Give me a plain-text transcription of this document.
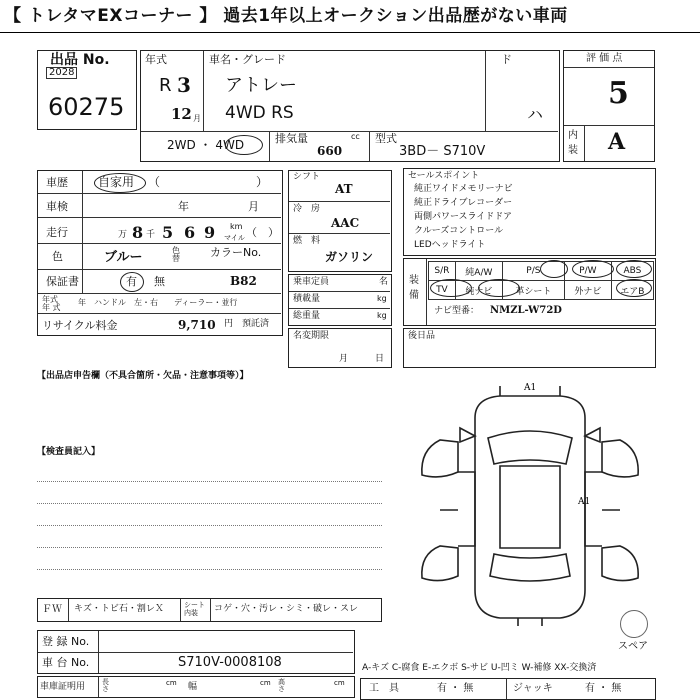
【 トレタマEXコーナー 】 過去1年以上オークション出品歴がない車両
出品 No.
2028
60275
年式
R 3
12 月
車名・グレード
アトレー
4WD RS
ド
ハ
2WD ・ 4WD	排気量	cc
660
型式
3BD－ S710V
評 価 点
5
内
装 A
車歴	自家用 （　　　　　　　　）
車検	年	月
走行	万 8 千 5 6 9 km
マイル （　）
色	ブルー	色替	カラーNo.
保証書	有 無	B82
年式
年 式
年　ハンドル　左・右　　ディーラー・並行
リサイクル料金	9,710 円　預託済
シフト
AT
冷　房
AAC
燃　料
ガソリン
乗車定員	名
積載量	kg
総重量	kg
名変期限
月	日
セールスポイント
純正ワイドメモリーナビ
純正ドライブレコーダー
両側パワースライドドア
クルーズコントロール
LEDヘッドライト
装備
S/R	純A/W	P/S	P/W	ABS
TV	純ナビ	革シート	外ナビ	エアB
ナビ型番： NMZL-W72D
後日品
【出品店申告欄（不具合箇所・欠品・注意事項等）】
【検査員記入】
ＦＷ キズ・トビ石・割レＸ	シート内装	コゲ・穴・汚レ・シミ・破レ・スレ
登 録 No.
車 台 No.	S710V-0008108
車庫証明用 長さ
cm 幅	cm 高さ
cm
A1
A1
スペア
A-キズ C-腐食 E-エクボ S-サビ U-凹ミ W-補修 XX-交換済
工　具	有 ・ 無	ジャッキ	有 ・ 無
